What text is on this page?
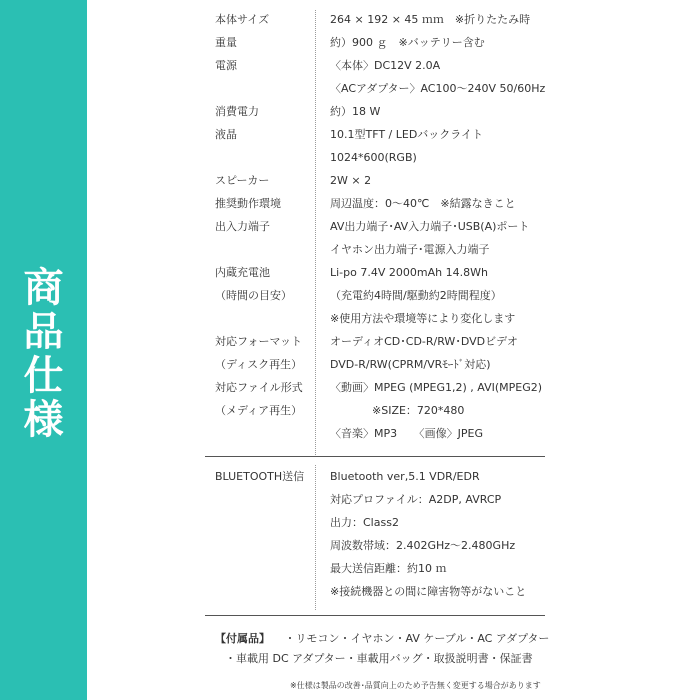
商
品
仕
様
本体サイズ	264 × 192 × 45 ｍｍ　※折りたたみ時
重量	約）900 ｇ　※バッテリー含む
電源	〈本体〉DC12V 2.0A
〈ACアダプター〉AC100～240V 50/60Hz
消費電力	約）18 W
液晶	10.1型TFT / LEDバックライト
1024*600(RGB)
スピーカー	2W × 2
推奨動作環境	周辺温度：0～40℃　※結露なきこと
出入力端子	AV出力端子･AV入力端子･USB(A)ポート
イヤホン出力端子･電源入力端子
内蔵充電池	Li-po 7.4V 2000mAh 14.8Wh
（時間の目安）	（充電約4時間/駆動約2時間程度）
※使用方法や環境等により変化します
対応フォーマット	オーディオCD･CD-R/RW･DVDビデオ
（ディスク再生）	DVD-R/RW(CPRM/VRﾓｰﾄﾞ対応)
対応ファイル形式	〈動画〉MPEG (MPEG1,2) , AVI(MPEG2)
（メディア再生）	※SIZE：720*480
〈音楽〉MP3　　〈画像〉JPEG
BLUETOOTH送信	Bluetooth ver,5.1 VDR/EDR
対応プロファイル：A2DP, AVRCP
出力：Class2
周波数帯域：2.402GHz～2.480GHz
最大送信距離：約10 ｍ
※接続機器との間に障害物等がないこと
【付属品】 ・リモコン・イヤホン・AV ケーブル・AC アダプター
・車載用 DC アダプター・車載用バッグ・取扱説明書・保証書
※仕様は製品の改善･品質向上のため予告無く変更する場合があります
